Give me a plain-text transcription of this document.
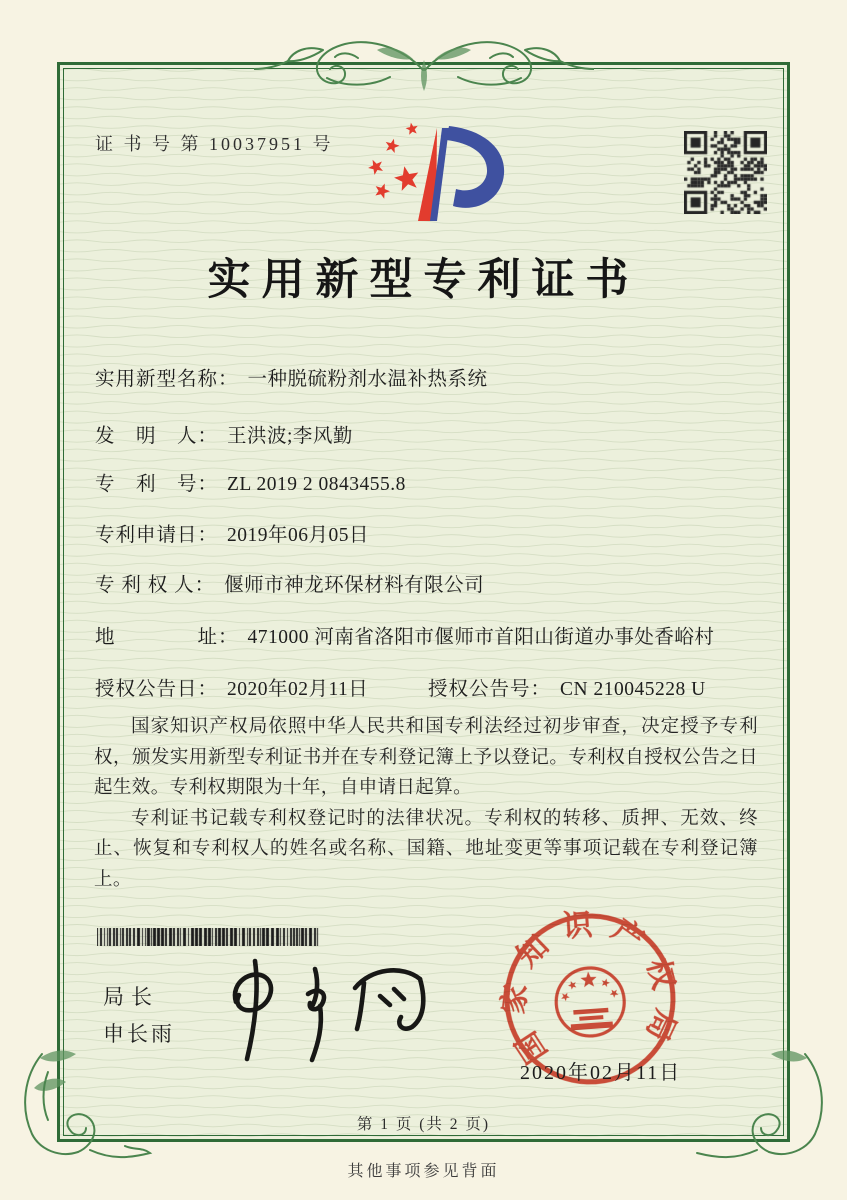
证 书 号 第 10037951 号
实用新型专利证书
实用新型名称： 一种脱硫粉剂水温补热系统
发　明　人： 王洪波;李风勤
专　利　号： ZL 2019 2 0843455.8
专利申请日： 2019年06月05日
专 利 权 人： 偃师市神龙环保材料有限公司
地　　　　址： 471000 河南省洛阳市偃师市首阳山街道办事处香峪村
授权公告日： 2020年02月11日	授权公告号： CN 210045228 U

国家知识产权局依照中华人民共和国专利法经过初步审查，决定授予专利权，颁发实用新型专利证书并在专利登记簿上予以登记。专利权自授权公告之日起生效。专利权期限为十年，自申请日起算。

专利证书记载专利权登记时的法律状况。专利权的转移、质押、无效、终止、恢复和专利权人的姓名或名称、国籍、地址变更等事项记载在专利登记簿上。

局长
申长雨	国家知识产权局
2020年02月11日
第 1 页 (共 2 页)
其他事项参见背面
